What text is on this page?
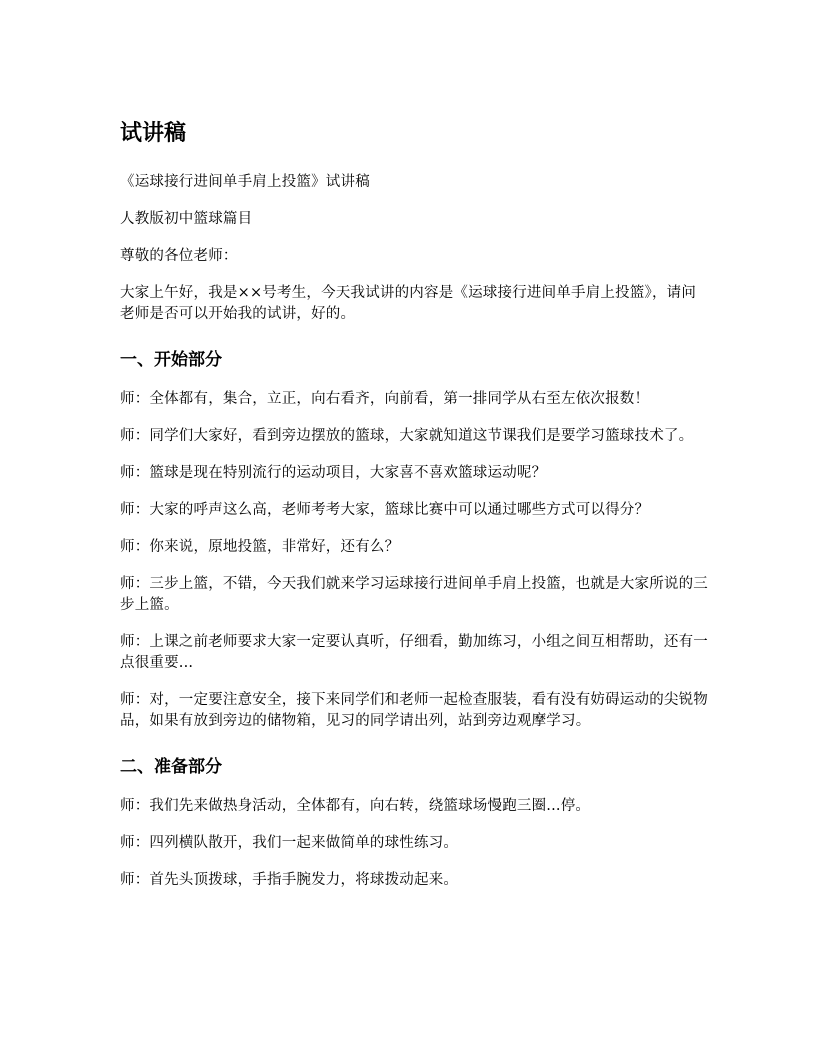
试讲稿

《运球接行进间单手肩上投篮》试讲稿

人教版初中篮球篇目

尊敬的各位老师：

大家上午好，我是××号考生，今天我试讲的内容是《运球接行进间单手肩上投篮》，请问老师是否可以开始我的试讲，好的。

一、开始部分

师：全体都有，集合，立正，向右看齐，向前看，第一排同学从右至左依次报数！

师：同学们大家好，看到旁边摆放的篮球，大家就知道这节课我们是要学习篮球技术了。

师：篮球是现在特别流行的运动项目，大家喜不喜欢篮球运动呢？

师：大家的呼声这么高，老师考考大家，篮球比赛中可以通过哪些方式可以得分？

师：你来说，原地投篮，非常好，还有么？

师：三步上篮，不错，今天我们就来学习运球接行进间单手肩上投篮，也就是大家所说的三步上篮。

师：上课之前老师要求大家一定要认真听，仔细看，勤加练习，小组之间互相帮助，还有一点很重要...

师：对，一定要注意安全，接下来同学们和老师一起检查服装，看有没有妨碍运动的尖锐物品，如果有放到旁边的储物箱，见习的同学请出列，站到旁边观摩学习。

二、准备部分

师：我们先来做热身活动，全体都有，向右转，绕篮球场慢跑三圈...停。

师：四列横队散开，我们一起来做简单的球性练习。

师：首先头顶拨球，手指手腕发力，将球拨动起来。
